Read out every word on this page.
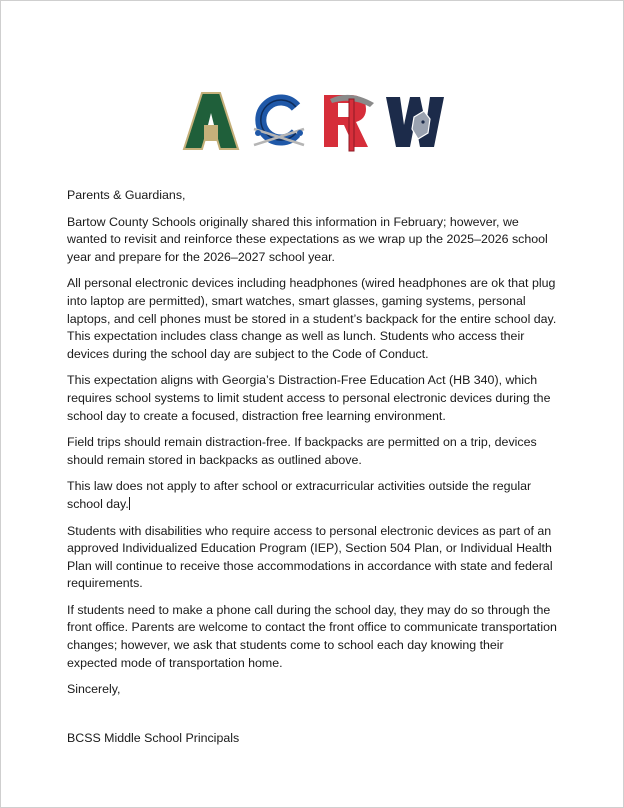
Parents & Guardians,

Bartow County Schools originally shared this information in February; however, we wanted to revisit and reinforce these expectations as we wrap up the 2025–2026 school year and prepare for the 2026–2027 school year.

All personal electronic devices including headphones (wired headphones are ok that plug into laptop are permitted), smart watches, smart glasses, gaming systems, personal laptops, and cell phones must be stored in a student’s backpack for the entire school day. This expectation includes class change as well as lunch. Students who access their devices during the school day are subject to the Code of Conduct.

This expectation aligns with Georgia’s Distraction-Free Education Act (HB 340), which requires school systems to limit student access to personal electronic devices during the school day to create a focused, distraction free learning environment.

Field trips should remain distraction-free. If backpacks are permitted on a trip, devices should remain stored in backpacks as outlined above.

This law does not apply to after school or extracurricular activities outside the regular school day.

Students with disabilities who require access to personal electronic devices as part of an approved Individualized Education Program (IEP), Section 504 Plan, or Individual Health Plan will continue to receive those accommodations in accordance with state and federal requirements.

If students need to make a phone call during the school day, they may do so through the front office. Parents are welcome to contact the front office to communicate transportation changes; however, we ask that students come to school each day knowing their expected mode of transportation home.

Sincerely,

BCSS Middle School Principals
